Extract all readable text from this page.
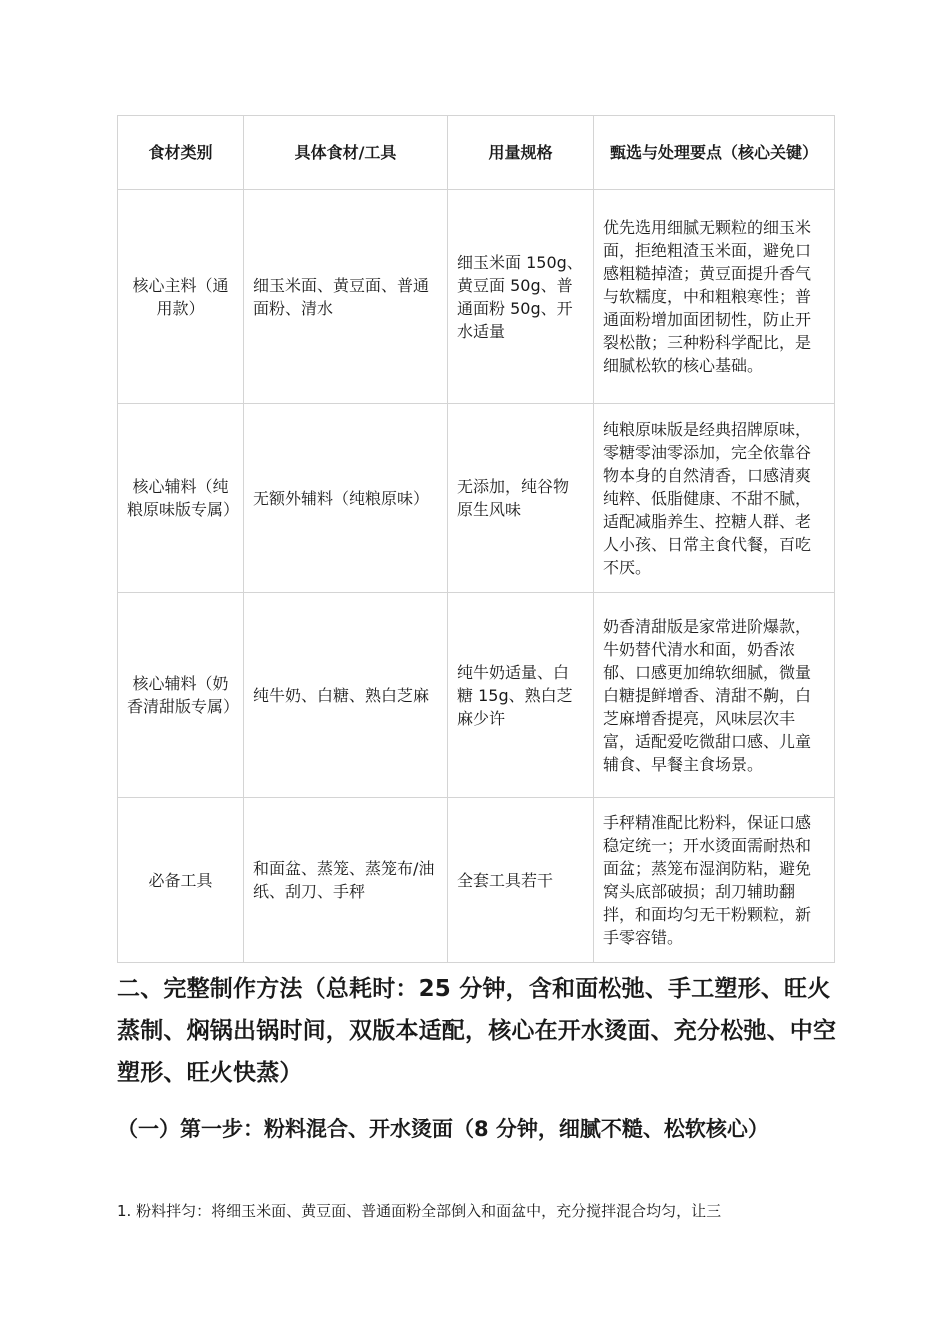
食材类别	具体食材/工具	用量规格	甄选与处理要点（核心关键）
核心主料（通用款）	细玉米面、黄豆面、普通面粉、清水	细玉米面 150g、黄豆面 50g、普通面粉 50g、开水适量	优先选用细腻无颗粒的细玉米面，拒绝粗渣玉米面，避免口感粗糙掉渣；黄豆面提升香气与软糯度，中和粗粮寒性；普通面粉增加面团韧性，防止开裂松散；三种粉科学配比，是细腻松软的核心基础。
核心辅料（纯粮原味版专属）	无额外辅料（纯粮原味）	无添加，纯谷物原生风味	纯粮原味版是经典招牌原味，零糖零油零添加，完全依靠谷物本身的自然清香，口感清爽纯粹、低脂健康、不甜不腻，适配减脂养生、控糖人群、老人小孩、日常主食代餐，百吃不厌。
核心辅料（奶香清甜版专属）	纯牛奶、白糖、熟白芝麻	纯牛奶适量、白糖 15g、熟白芝麻少许	奶香清甜版是家常进阶爆款，牛奶替代清水和面，奶香浓郁、口感更加绵软细腻，微量白糖提鲜增香、清甜不齁，白芝麻增香提亮，风味层次丰富，适配爱吃微甜口感、儿童辅食、早餐主食场景。
必备工具	和面盆、蒸笼、蒸笼布/油纸、刮刀、手秤	全套工具若干	手秤精准配比粉料，保证口感稳定统一；开水烫面需耐热和面盆；蒸笼布湿润防粘，避免窝头底部破损；刮刀辅助翻拌，和面均匀无干粉颗粒，新手零容错。
二、完整制作方法（总耗时：25 分钟，含和面松弛、手工塑形、旺火蒸制、焖锅出锅时间，双版本适配，核心在开水烫面、充分松弛、中空塑形、旺火快蒸）
（一）第一步：粉料混合、开水烫面（8 分钟，细腻不糙、松软核心）

1. 粉料拌匀：将细玉米面、黄豆面、普通面粉全部倒入和面盆中，充分搅拌混合均匀，让三
